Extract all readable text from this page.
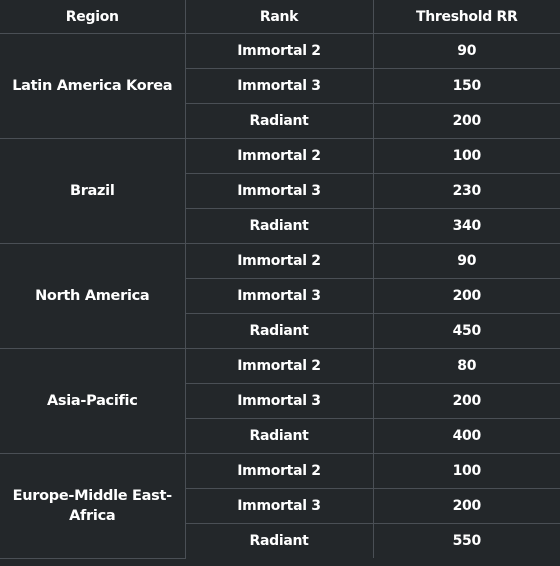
Region	Rank	Threshold RR
Latin America Korea	Immortal 2	90
	Immortal 3	150
	Radiant	200
Brazil	Immortal 2	100
	Immortal 3	230
	Radiant	340
North America	Immortal 2	90
	Immortal 3	200
	Radiant	450
Asia-Pacific	Immortal 2	80
	Immortal 3	200
	Radiant	400
Europe-Middle East-Africa	Immortal 2	100
	Immortal 3	200
	Radiant	550
